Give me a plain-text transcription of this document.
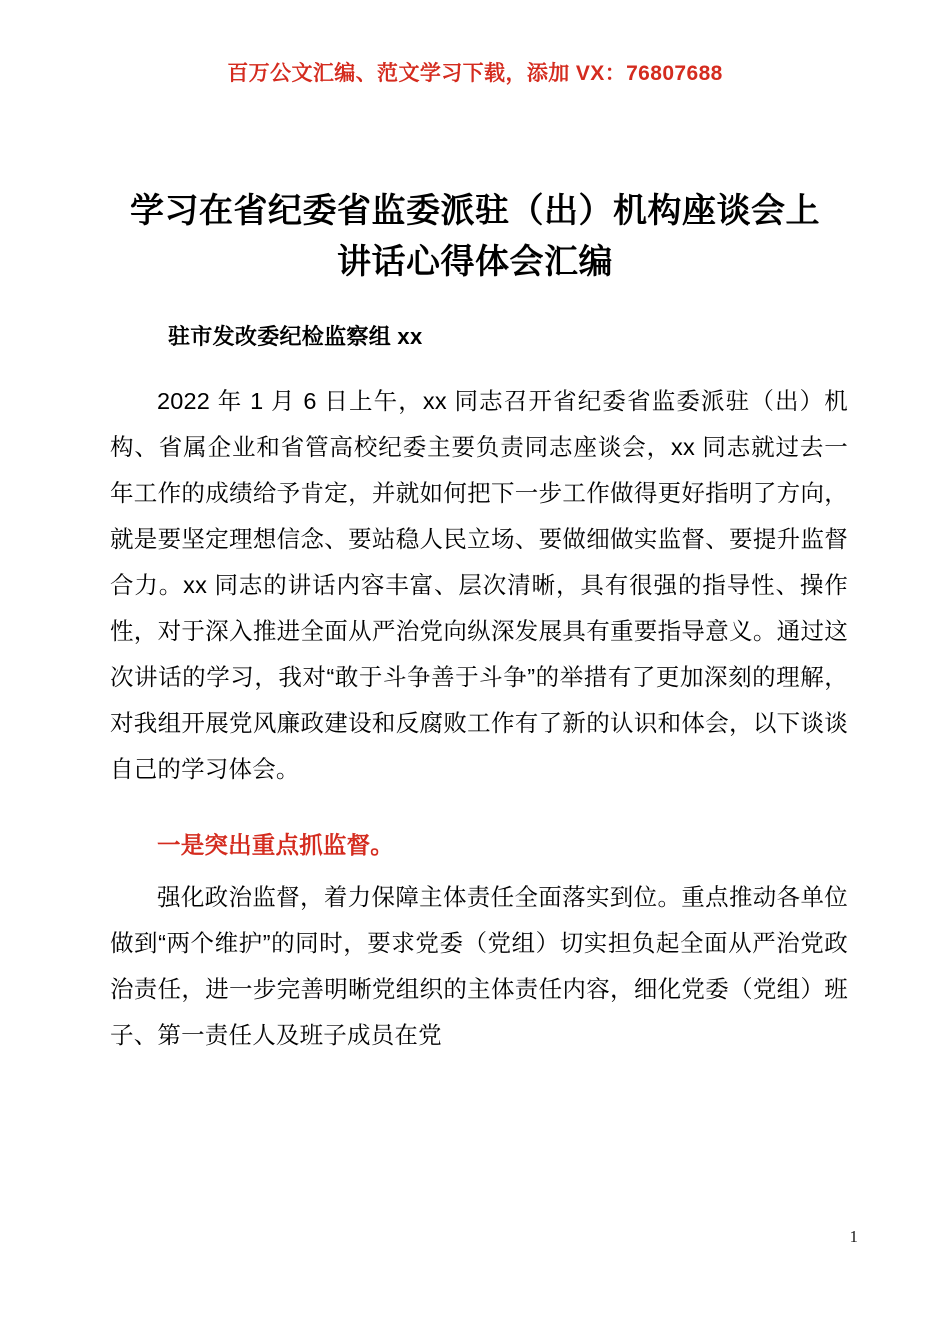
百万公文汇编、范文学习下载，添加 VX：76807688
学习在省纪委省监委派驻（出）机构座谈会上
讲话心得体会汇编
驻市发改委纪检监察组 xx

2022 年 1 月 6 日上午，xx 同志召开省纪委省监委派驻（出）机构、省属企业和省管高校纪委主要负责同志座谈会，xx 同志就过去一年工作的成绩给予肯定，并就如何把下一步工作做得更好指明了方向，就是要坚定理想信念、要站稳人民立场、要做细做实监督、要提升监督合力。xx 同志的讲话内容丰富、层次清晰，具有很强的指导性、操作性，对于深入推进全面从严治党向纵深发展具有重要指导意义。通过这次讲话的学习，我对“敢于斗争善于斗争”的举措有了更加深刻的理解，对我组开展党风廉政建设和反腐败工作有了新的认识和体会，以下谈谈自己的学习体会。

一是突出重点抓监督。

强化政治监督，着力保障主体责任全面落实到位。重点推动各单位做到“两个维护”的同时，要求党委（党组）切实担负起全面从严治党政治责任，进一步完善明晰党组织的主体责任内容，细化党委（党组）班子、第一责任人及班子成员在党

1
